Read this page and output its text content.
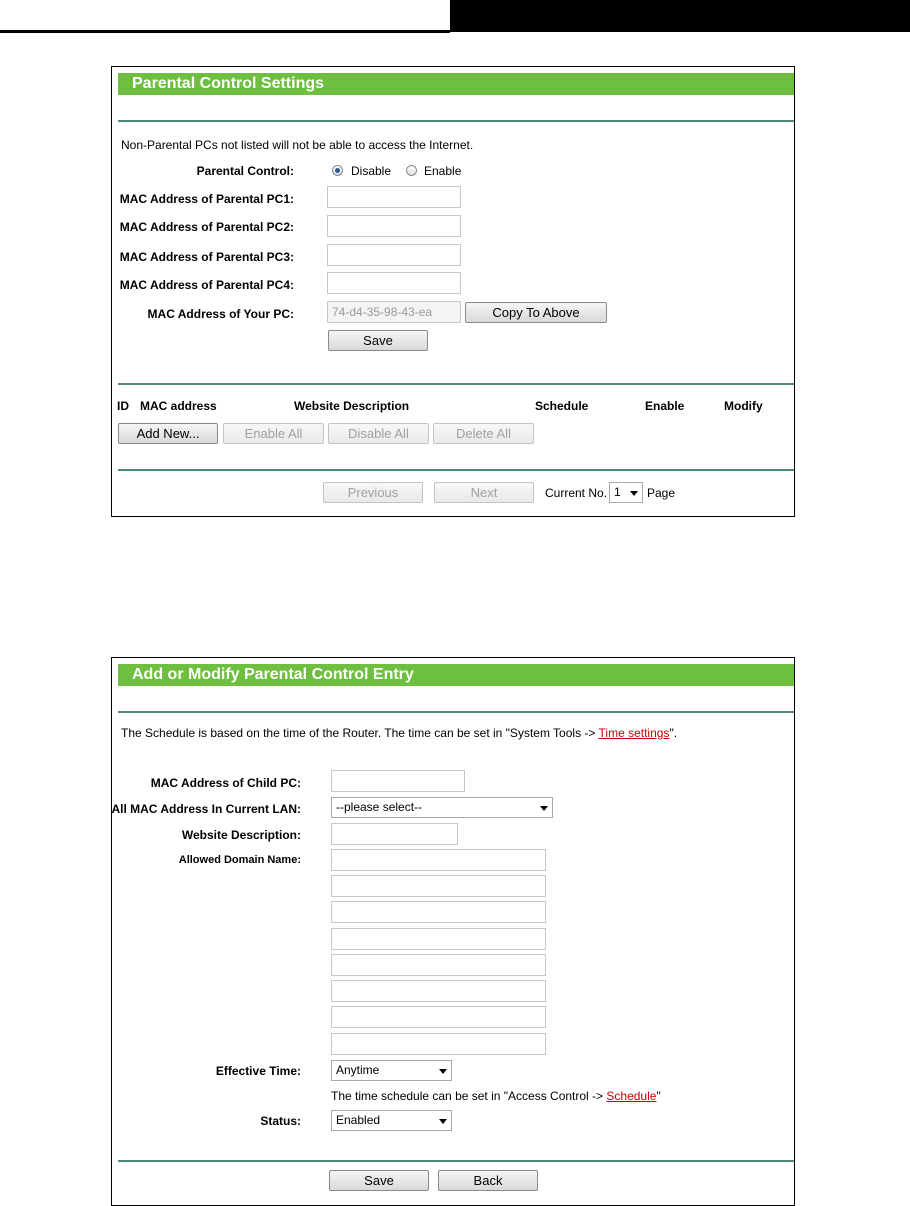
Parental Control Settings
Non-Parental PCs not listed will not be able to access the Internet.
Parental Control:	Disable	Enable
MAC Address of Parental PC1:
MAC Address of Parental PC2:
MAC Address of Parental PC3:
MAC Address of Parental PC4:
MAC Address of Your PC:	74-d4-35-98-43-ea	Copy To Above
Save
ID MAC address	Website Description	Schedule	Enable	Modify
Add New...	Enable All	Disable All	Delete All
Previous	Next	Current No. 1	Page
Add or Modify Parental Control Entry
The Schedule is based on the time of the Router. The time can be set in "System Tools -> Time settings".
MAC Address of Child PC:
All MAC Address In Current LAN:	--please select--
Website Description:
Allowed Domain Name:
Effective Time:	Anytime
The time schedule can be set in "Access Control -> Schedule"
Status:	Enabled
Save	Back
